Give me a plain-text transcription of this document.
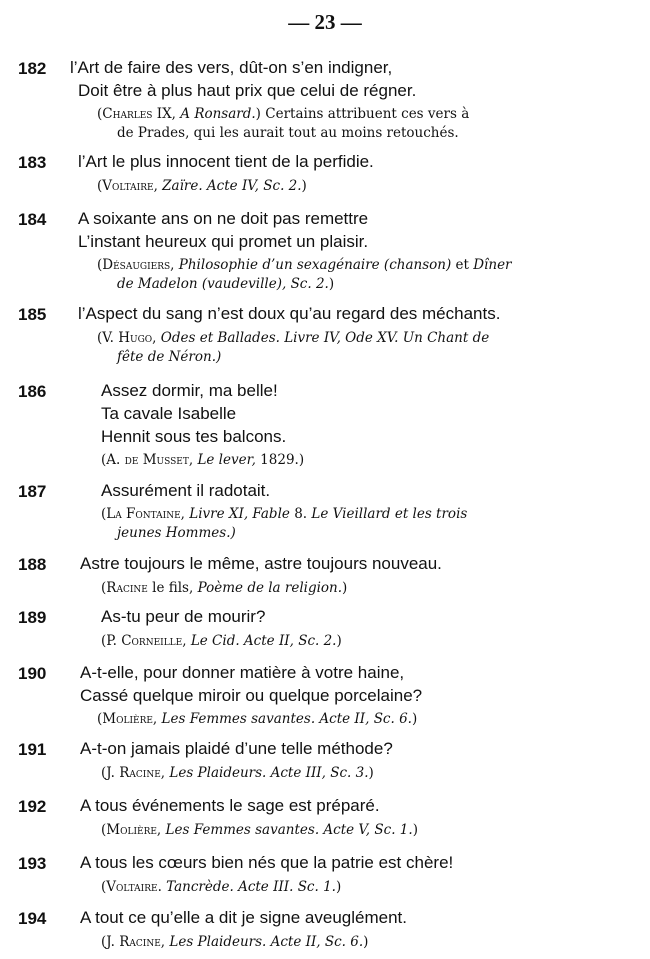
— 23 —
182 l’Art de faire des vers, dût-on s’en indigner,
Doit être à plus haut prix que celui de régner.
(Charles IX, A Ronsard.) Certains attribuent ces vers à
de Prades, qui les aurait tout au moins retouchés.
183 l’Art le plus innocent tient de la perfidie.
(Voltaire, Zaïre. Acte IV, Sc. 2.)
184 A soixante ans on ne doit pas remettre
L’instant heureux qui promet un plaisir.
(Désaugiers, Philosophie d’un sexagénaire (chanson) et Dîner
de Madelon (vaudeville), Sc. 2.)
185 l’Aspect du sang n’est doux qu’au regard des méchants.
(V. Hugo, Odes et Ballades. Livre IV, Ode XV. Un Chant de
fête de Néron.)
186	Assez dormir, ma belle!
Ta cavale Isabelle
Hennit sous tes balcons.
(A. de Musset, Le lever, 1829.)
187	Assurément il radotait.
(La Fontaine, Livre XI, Fable 8. Le Vieillard et les trois
jeunes Hommes.)
188 Astre toujours le même, astre toujours nouveau.
(Racine le fils, Poème de la religion.)
189	As-tu peur de mourir?
(P. Corneille, Le Cid. Acte II, Sc. 2.)
190 A-t-elle, pour donner matière à votre haine,
Cassé quelque miroir ou quelque porcelaine?
(Molière, Les Femmes savantes. Acte II, Sc. 6.)
191 A-t-on jamais plaidé d’une telle méthode?
(J. Racine, Les Plaideurs. Acte III, Sc. 3.)
192 A tous événements le sage est préparé.
(Molière, Les Femmes savantes. Acte V, Sc. 1.)
193 A tous les cœurs bien nés que la patrie est chère!
(Voltaire. Tancrède. Acte III. Sc. 1.)
194 A tout ce qu’elle a dit je signe aveuglément.
(J. Racine, Les Plaideurs. Acte II, Sc. 6.)
